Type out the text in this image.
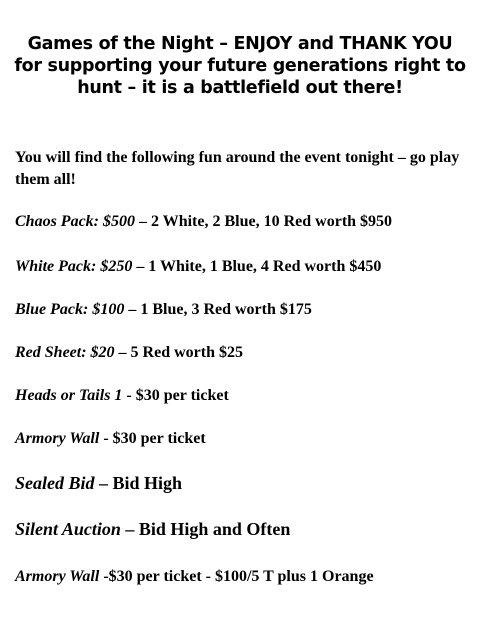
Games of the Night – ENJOY and THANK YOU for supporting your future generations right to hunt – it is a battlefield out there!

You will find the following fun around the event tonight – go play them all!

Chaos Pack: $500 – 2 White, 2 Blue, 10 Red worth $950

White Pack: $250 – 1 White, 1 Blue, 4 Red worth $450

Blue Pack: $100 – 1 Blue, 3 Red worth $175

Red Sheet: $20 – 5 Red worth $25

Heads or Tails 1 - $30 per ticket

Armory Wall - $30 per ticket

Sealed Bid – Bid High

Silent Auction – Bid High and Often

Armory Wall -$30 per ticket - $100/5 T plus 1 Orange
